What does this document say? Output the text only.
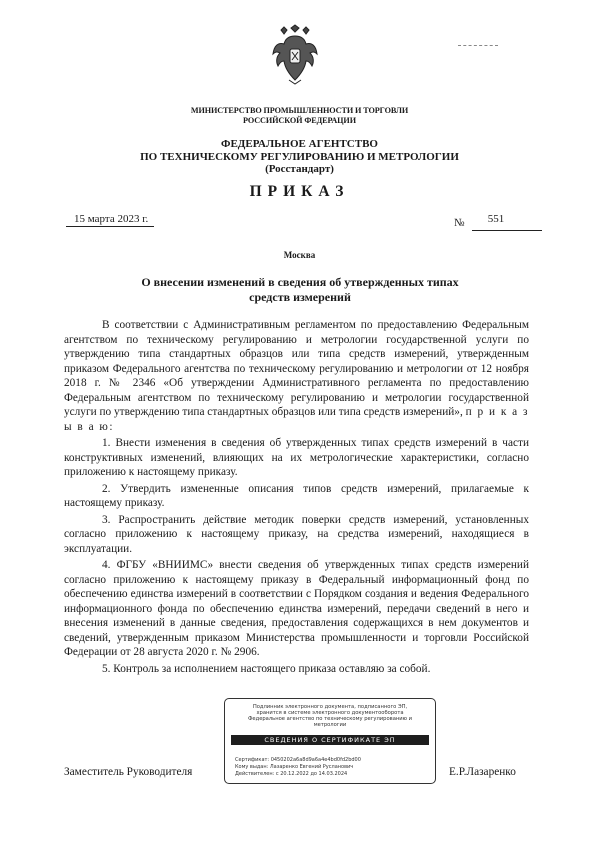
МИНИСТЕРСТВО ПРОМЫШЛЕННОСТИ И ТОРГОВЛИ
РОССИЙСКОЙ ФЕДЕРАЦИИ
ФЕДЕРАЛЬНОЕ АГЕНТСТВО
ПО ТЕХНИЧЕСКОМУ РЕГУЛИРОВАНИЮ И МЕТРОЛОГИИ
(Росстандарт)
ПРИКАЗ
15 марта 2023 г.	№	551
Москва
О внесении изменений в сведения об утвержденных типах
средств измерений

В соответствии с Административным регламентом по предоставлению Федеральным агентством по техническому регулированию и метрологии государственной услуги по утверждению типа стандартных образцов или типа средств измерений, утвержденным приказом Федерального агентства по техническому регулированию и метрологии от 12 ноября 2018 г. № 2346 «Об утверждении Административного регламента по предоставлению Федеральным агентством по техническому регулированию и метрологии государственной услуги по утверждению типа стандартных образцов или типа средств измерений», п р и к а з ы в а ю:

1. Внести изменения в сведения об утвержденных типах средств измерений в части конструктивных изменений, влияющих на их метрологические характеристики, согласно приложению к настоящему приказу.

2. Утвердить измененные описания типов средств измерений, прилагаемые к настоящему приказу.

3. Распространить действие методик поверки средств измерений, установленных согласно приложению к настоящему приказу, на средства измерений, находящиеся в эксплуатации.

4. ФГБУ «ВНИИМС» внести сведения об утвержденных типах средств измерений согласно приложению к настоящему приказу в Федеральный информационный фонд по обеспечению единства измерений в соответствии с Порядком создания и ведения Федерального информационного фонда по обеспечению единства измерений, передачи сведений в него и внесения изменений в данные сведения, предоставления содержащихся в нем документов и сведений, утвержденным приказом Министерства промышленности и торговли Российской Федерации от 28 августа 2020 г. № 2906.

5. Контроль за исполнением настоящего приказа оставляю за собой.

Заместитель Руководителя	Е.Р.Лазаренко
Подлинник электронного документа, подписанного ЭП,
хранится в системе электронного документооборота
Федеральное агентство по техническому регулированию и
метрологии
СВЕДЕНИЯ О СЕРТИФИКАТЕ ЭП
Сертификат: 0450202a6a8d9a6a4e4bd0fd2bd00
Кому выдан: Лазаренко Евгений Русланович
Действителен: с 20.12.2022 до 14.03.2024
